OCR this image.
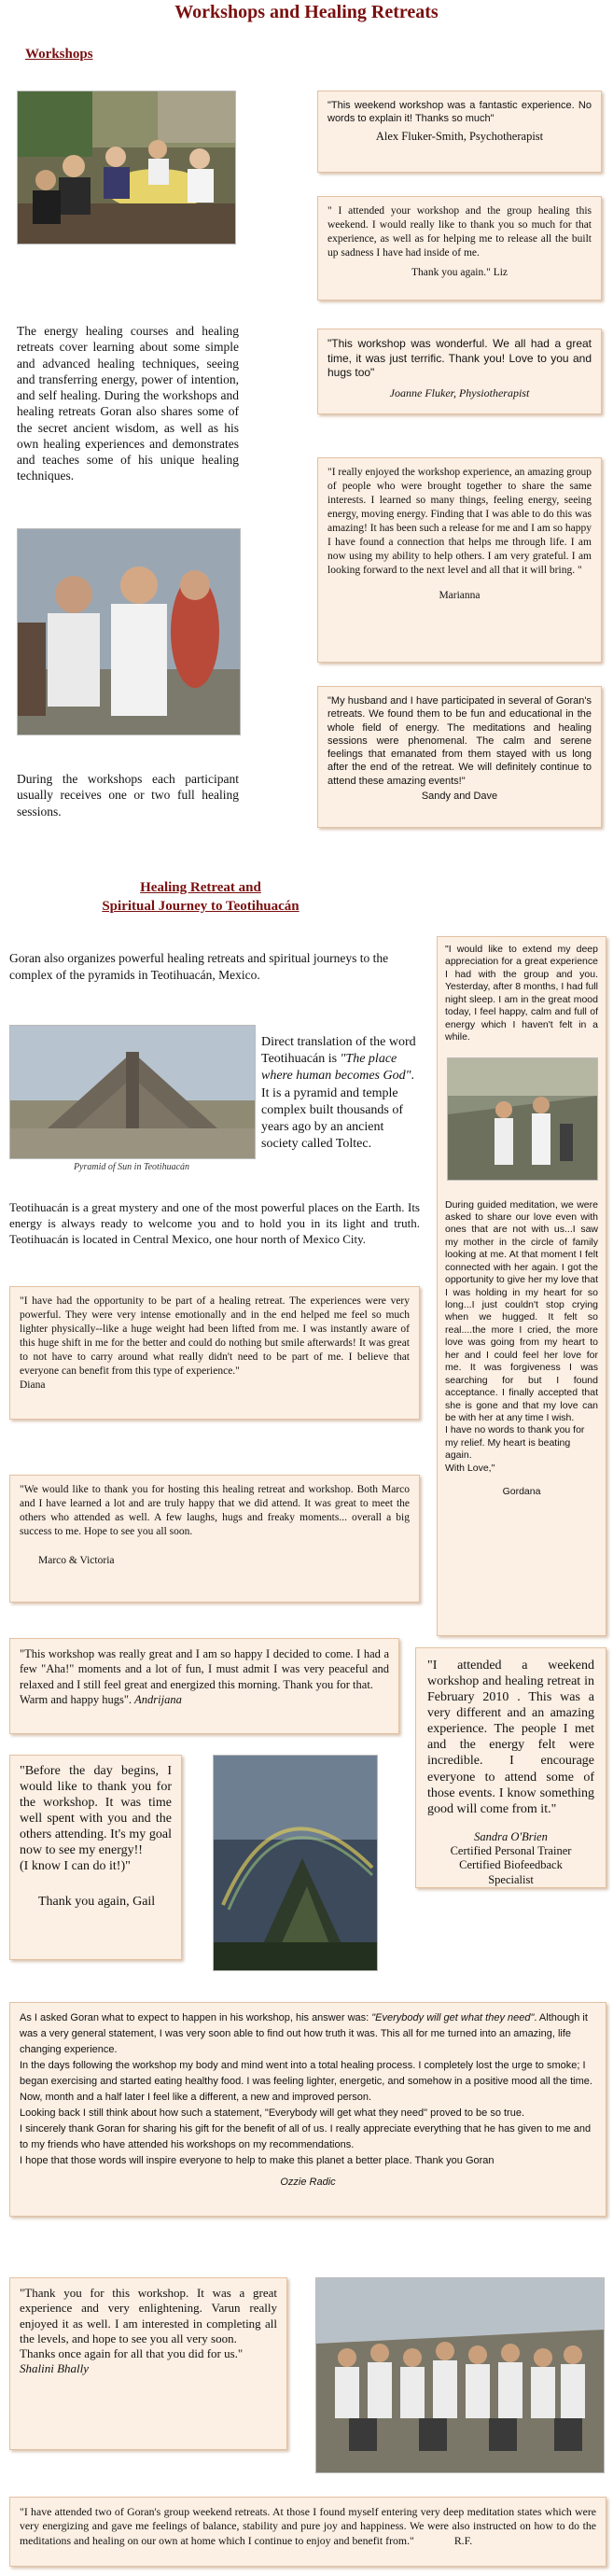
Workshops and Healing Retreats
Workshops
The energy healing courses and healing retreats cover learning about some simple and advanced healing techniques, seeing and transferring energy, power of intention, and self healing. During the workshops and healing retreats Goran also shares some of the secret ancient wisdom, as well as his own healing experiences and demonstrates and teaches some of his unique healing techniques.
During the workshops each participant usually receives one or two full healing sessions.

"This weekend workshop was a fantastic experience. No words to explain it! Thanks so much"

Alex Fluker-Smith, Psychotherapist

" I attended your workshop and the group healing this weekend. I would really like to thank you so much for that experience, as well as for helping me to release all the built up sadness I have had inside of me.

Thank you again." Liz

"This workshop was wonderful. We all had a great time, it was just terrific. Thank you! Love to you and hugs too"

Joanne Fluker, Physiotherapist

"I really enjoyed the workshop experience, an amazing group of people who were brought together to share the same interests. I learned so many things, feeling energy, seeing energy, moving energy. Finding that I was able to do this was amazing! It has been such a release for me and I am so happy I have found a connection that helps me through life. I am now using my ability to help others. I am very grateful. I am looking forward to the next level and all that it will bring. "

Marianna

"My husband and I have participated in several of Goran's retreats. We found them to be fun and educational in the whole field of energy. The meditations and healing sessions were phenomenal. The calm and serene feelings that emanated from them stayed with us long after the end of the retreat. We will definitely continue to attend these amazing events!"

Sandy and Dave

Healing Retreat and
Spiritual Journey to Teotihuacán
Goran also organizes powerful healing retreats and spiritual journeys to the complex of the pyramids in Teotihuacán, Mexico.
Pyramid of Sun in Teotihuacán
Direct translation of the word Teotihuacán is "The place where human becomes God". It is a pyramid and temple complex built thousands of years ago by an ancient society called Toltec.
Teotihuacán is a great mystery and one of the most powerful places on the Earth. Its energy is always ready to welcome you and to hold you in its light and truth. Teotihuacán is located in Central Mexico, one hour north of Mexico City.

"I would like to extend my deep appreciation for a great experience I had with the group and you. Yesterday, after 8 months, I had full night sleep. I am in the great mood today, I feel happy, calm and full of energy which I haven't felt in a while.

During guided meditation, we were asked to share our love even with ones that are not with us...I saw my mother in the circle of family looking at me. At that moment I felt connected with her again. I got the opportunity to give her my love that I was holding in my heart for so long...I just couldn't stop crying when we hugged. It felt so real....the more I cried, the more love was going from my heart to her and I could feel her love for me. It was forgiveness I was searching for but I found acceptance. I finally accepted that she is gone and that my love can be with her at any time I wish.

I have no words to thank you for my relief. My heart is beating again.

With Love,"

Gordana

"I have had the opportunity to be part of a healing retreat. The experiences were very powerful. They were very intense emotionally and in the end helped me feel so much lighter physically--like a huge weight had been lifted from me. I was instantly aware of this huge shift in me for the better and could do nothing but smile afterwards! It was great to not have to carry around what really didn't need to be part of me. I believe that everyone can benefit from this type of experience."

Diana

"We would like to thank you for hosting this healing retreat and workshop. Both Marco and I have learned a lot and are truly happy that we did attend. It was great to meet the others who attended as well. A few laughs, hugs and freaky moments... overall a big success to me. Hope to see you all soon.

Marco & Victoria

"This workshop was really great and I am so happy I decided to come. I had a few "Aha!" moments and a lot of fun, I must admit I was very peaceful and relaxed and I still feel great and energized this morning. Thank you for that.

Warm and happy hugs". Andrijana

"I attended a weekend workshop and healing retreat in February 2010 . This was a very different and an amazing experience. The people I met and the energy felt were incredible. I encourage everyone to attend some of those events. I know something good will come from it."

Sandra O'Brien
Certified Personal Trainer
Certified Biofeedback
Specialist

"Before the day begins, I would like to thank you for the workshop. It was time well spent with you and the others attending. It's my goal now to see my energy!!

(I know I can do it!)"

Thank you again, Gail

As I asked Goran what to expect to happen in his workshop, his answer was: "Everybody will get what they need". Although it was a very general statement, I was very soon able to find out how truth it was. This all for me turned into an amazing, life changing experience.

In the days following the workshop my body and mind went into a total healing process. I completely lost the urge to smoke; I began exercising and started eating healthy food. I was feeling lighter, energetic, and somehow in a positive mood all the time. Now, month and a half later I feel like a different, a new and improved person.

Looking back I still think about how such a statement, "Everybody will get what they need" proved to be so true.

I sincerely thank Goran for sharing his gift for the benefit of all of us. I really appreciate everything that he has given to me and to my friends who have attended his workshops on my recommendations.

I hope that those words will inspire everyone to help to make this planet a better place. Thank you Goran

Ozzie Radic

"Thank you for this workshop. It was a great experience and very enlightening. Varun really enjoyed it as well. I am interested in completing all the levels, and hope to see you all very soon.

Thanks once again for all that you did for us."

Shalini Bhally

"I have attended two of Goran's group weekend retreats. At those I found myself entering very deep meditation states which were very energizing and gave me feelings of balance, stability and pure joy and happiness. We were also instructed on how to do the meditations and healing on our own at home which I continue to enjoy and benefit from."	R.F.
